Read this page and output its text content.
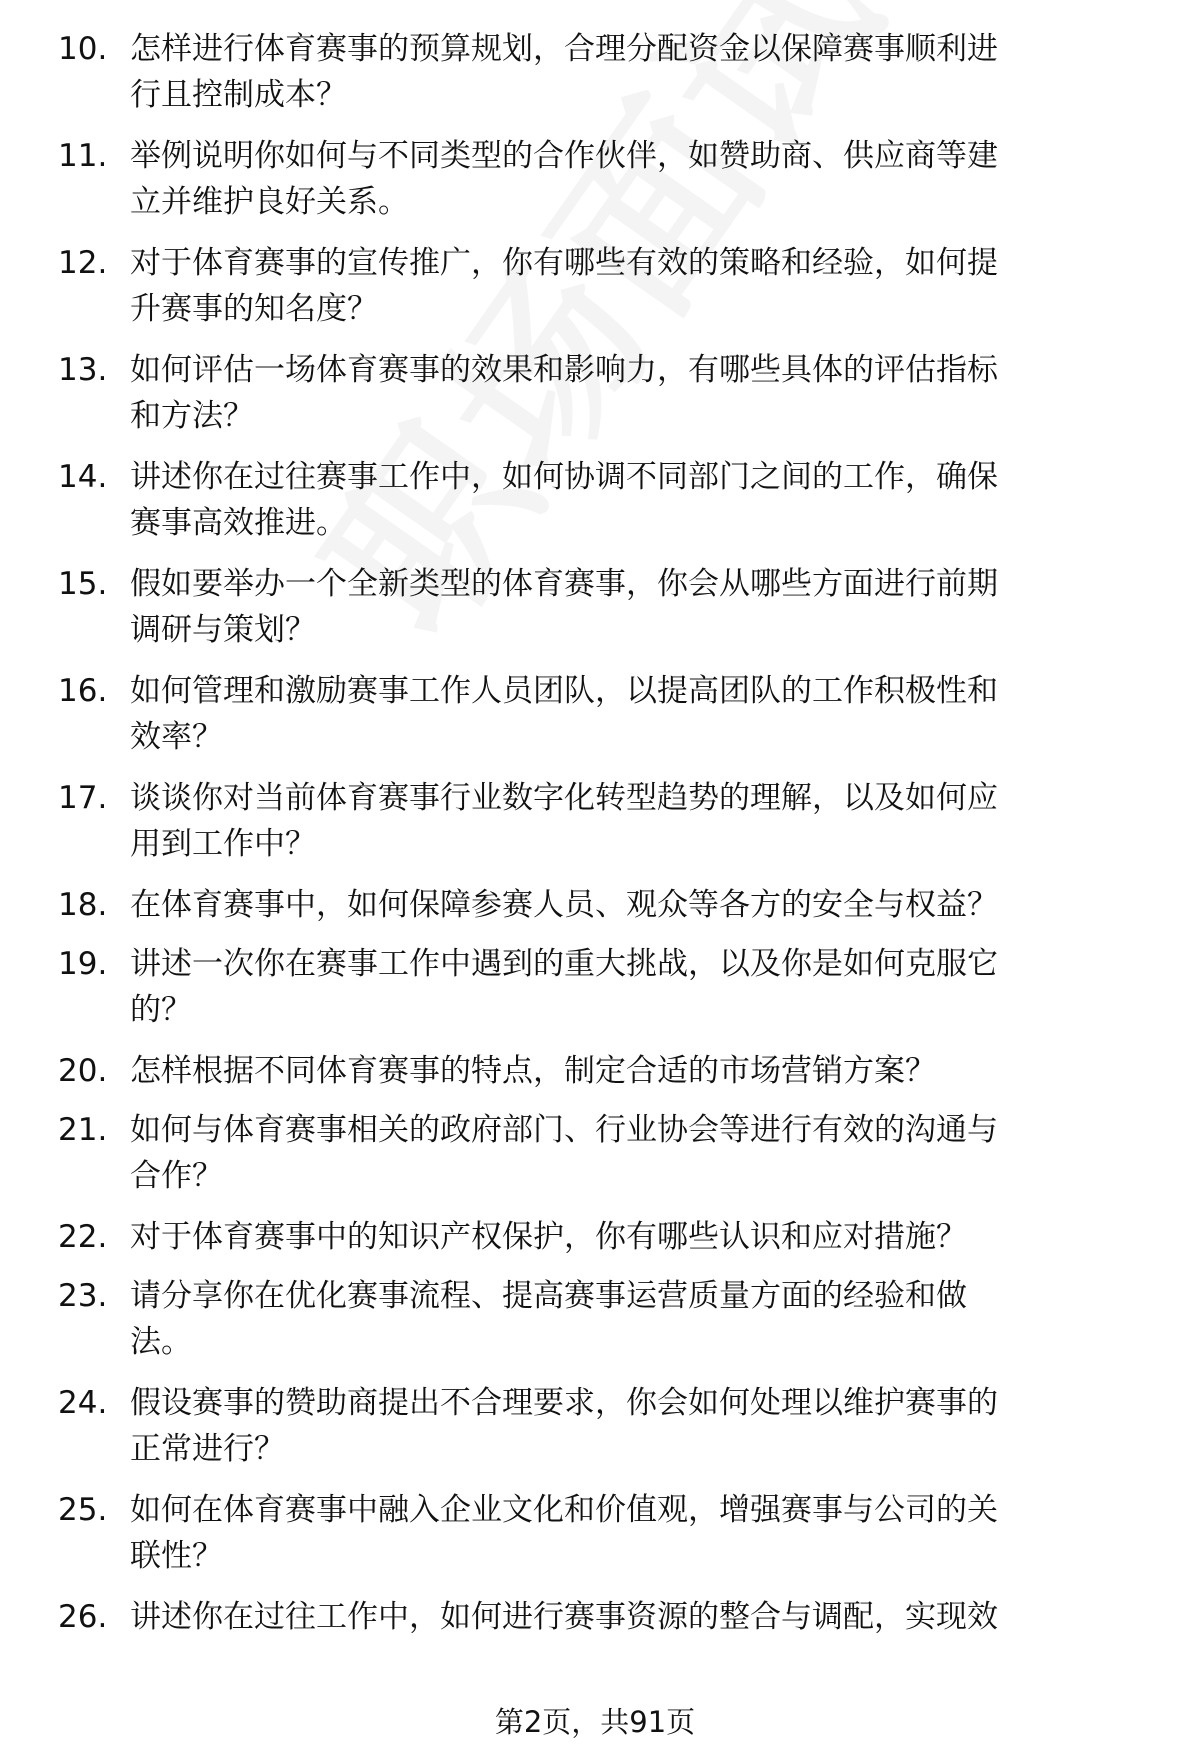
10. 怎样进行体育赛事的预算规划，合理分配资金以保障赛事顺利进
行且控制成本？
11. 举例说明你如何与不同类型的合作伙伴，如赞助商、供应商等建
立并维护良好关系。
12. 对于体育赛事的宣传推广，你有哪些有效的策略和经验，如何提
升赛事的知名度？
13. 如何评估一场体育赛事的效果和影响力，有哪些具体的评估指标
和方法？
14. 讲述你在过往赛事工作中，如何协调不同部门之间的工作，确保
赛事高效推进。
15. 假如要举办一个全新类型的体育赛事，你会从哪些方面进行前期
调研与策划？
16. 如何管理和激励赛事工作人员团队，以提高团队的工作积极性和
效率？
17. 谈谈你对当前体育赛事行业数字化转型趋势的理解，以及如何应
用到工作中？
18. 在体育赛事中，如何保障参赛人员、观众等各方的安全与权益？
19. 讲述一次你在赛事工作中遇到的重大挑战，以及你是如何克服它
的？
20. 怎样根据不同体育赛事的特点，制定合适的市场营销方案？
21. 如何与体育赛事相关的政府部门、行业协会等进行有效的沟通与
合作？
22. 对于体育赛事中的知识产权保护，你有哪些认识和应对措施？
23. 请分享你在优化赛事流程、提高赛事运营质量方面的经验和做
法。
24. 假设赛事的赞助商提出不合理要求，你会如何处理以维护赛事的
正常进行？
25. 如何在体育赛事中融入企业文化和价值观，增强赛事与公司的关
联性？
26. 讲述你在过往工作中，如何进行赛事资源的整合与调配，实现效
第2页，共91页
